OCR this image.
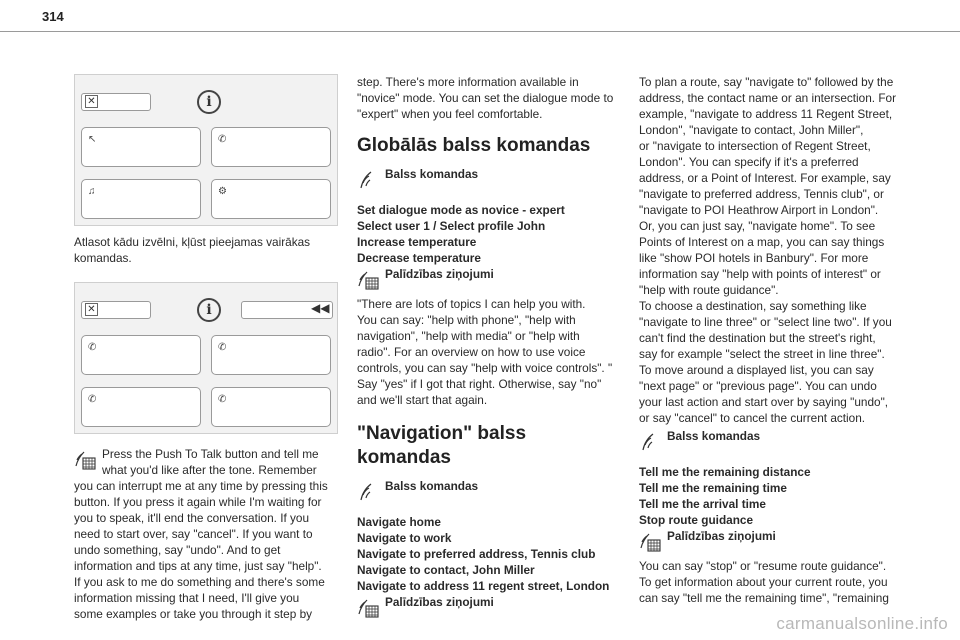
314
✕	i
↖	✆
♫	⚙
Atlasot kādu izvēlni, kļūst pieejamas vairākas komandas.
✕	i	◀◀
✆	✆
✆	✆
Press the Push To Talk button and tell me
what you'd like after the tone. Remember
you can interrupt me at any time by pressing this
button. If you press it again while I'm waiting for
you to speak, it'll end the conversation. If you
need to start over, say "cancel". If you want to
undo something, say "undo". And to get
information and tips at any time, just say "help".
If you ask to me do something and there's some
information missing that I need, I'll give you
some examples or take you through it step by
step. There's more information available in
"novice" mode. You can set the dialogue mode to
"expert" when you feel comfortable.
Globālās balss komandas
Balss komandas
Set dialogue mode as novice - expert
Select user 1 / Select profile John
Increase temperature
Decrease temperature
Palīdzības ziņojumi
"There are lots of topics I can help you with.
You can say: "help with phone", "help with
navigation", "help with media" or "help with
radio". For an overview on how to use voice
controls, you can say "help with voice controls". "
Say "yes" if I got that right. Otherwise, say "no"
and we'll start that again.
"Navigation" balss
komandas
Balss komandas
Navigate home
Navigate to work
Navigate to preferred address, Tennis club
Navigate to contact, John Miller
Navigate to address 11 regent street, London
Palīdzības ziņojumi
To plan a route, say "navigate to" followed by the
address, the contact name or an intersection. For
example, "navigate to address 11 Regent Street,
London", "navigate to contact, John Miller",
or "navigate to intersection of Regent Street,
London". You can specify if it's a preferred
address, or a Point of Interest. For example, say
"navigate to preferred address, Tennis club", or
"navigate to POI Heathrow Airport in London".
Or, you can just say, "navigate home". To see
Points of Interest on a map, you can say things
like "show POI hotels in Banbury". For more
information say "help with points of interest" or
"help with route guidance".
To choose a destination, say something like
"navigate to line three" or "select line two". If you
can't find the destination but the street's right,
say for example "select the street in line three".
To move around a displayed list, you can say
"next page" or "previous page". You can undo
your last action and start over by saying "undo",
or say "cancel" to cancel the current action.
Balss komandas
Tell me the remaining distance
Tell me the remaining time
Tell me the arrival time
Stop route guidance
Palīdzības ziņojumi
You can say "stop" or "resume route guidance".
To get information about your current route, you
can say "tell me the remaining time", "remaining
carmanualsonline.info
